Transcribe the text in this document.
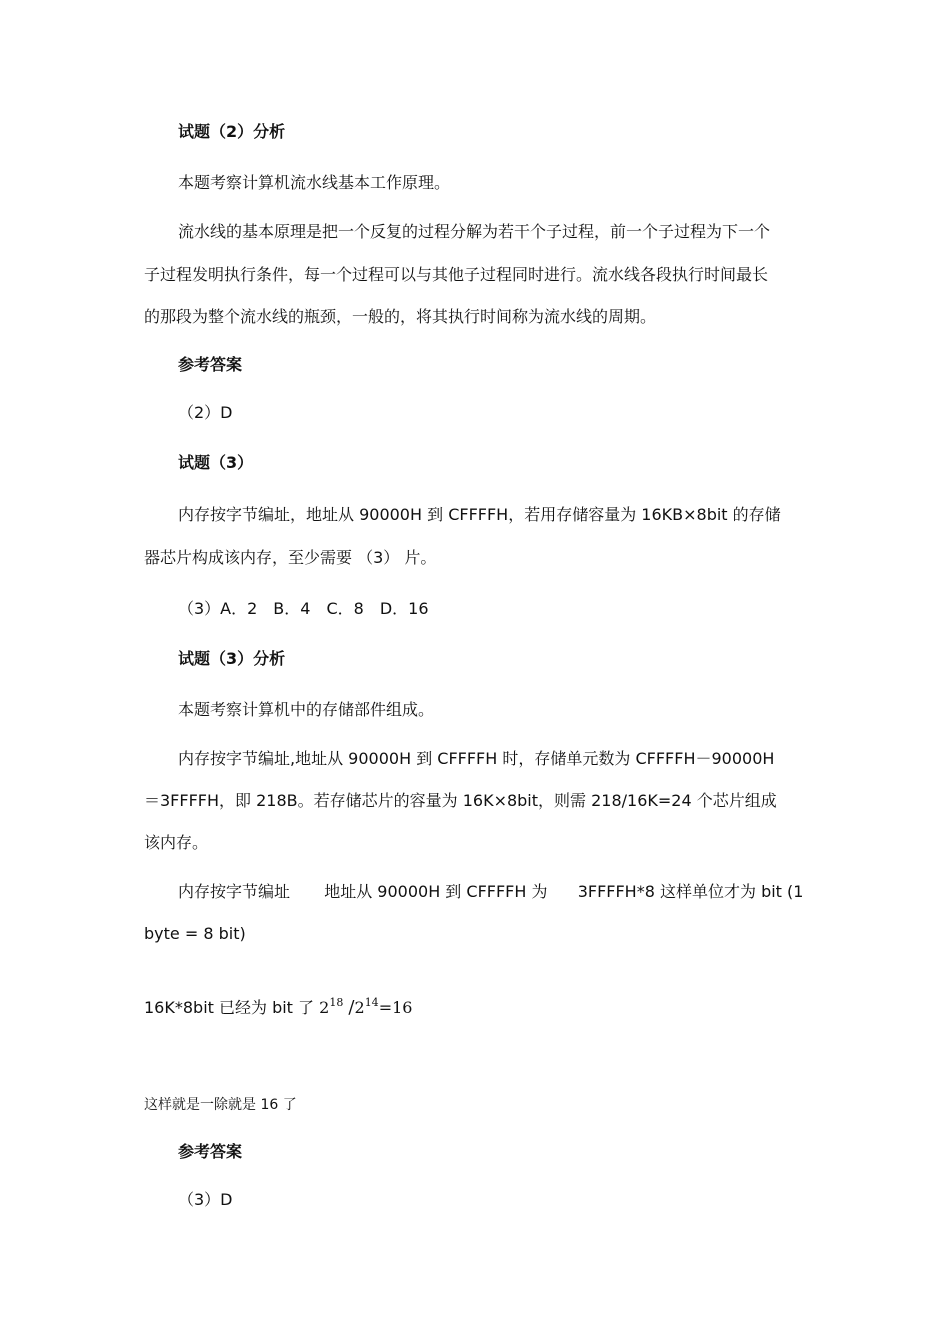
试题（2）分析
本题考察计算机流水线基本工作原理。
流水线的基本原理是把一个反复的过程分解为若干个子过程，前一个子过程为下一个
子过程发明执行条件，每一个过程可以与其他子过程同时进行。流水线各段执行时间最长
的那段为整个流水线的瓶颈，一般的，将其执行时间称为流水线的周期。
参考答案
（2）D
试题（3）
内存按字节编址，地址从 90000H 到 CFFFFH，若用存储容量为 16KB×8bit 的存储
器芯片构成该内存，至少需要 （3） 片。
（3）A．2　B．4　C．8　D．16
试题（3）分析
本题考察计算机中的存储部件组成。
内存按字节编址,地址从 90000H 到 CFFFFH 时，存储单元数为 CFFFFH－90000H
＝3FFFFH，即 218B。若存储芯片的容量为 16K×8bit，则需 218/16K=24 个芯片组成
该内存。
内存按字节编址 地址从 90000H 到 CFFFFH 为 3FFFFH*8 这样单位才为 bit (1
byte = 8 bit)
16K*8bit 已经为 bit 了 $2^{18}$ $/2^{14}=16$
这样就是一除就是 16 了
参考答案
（3）D
